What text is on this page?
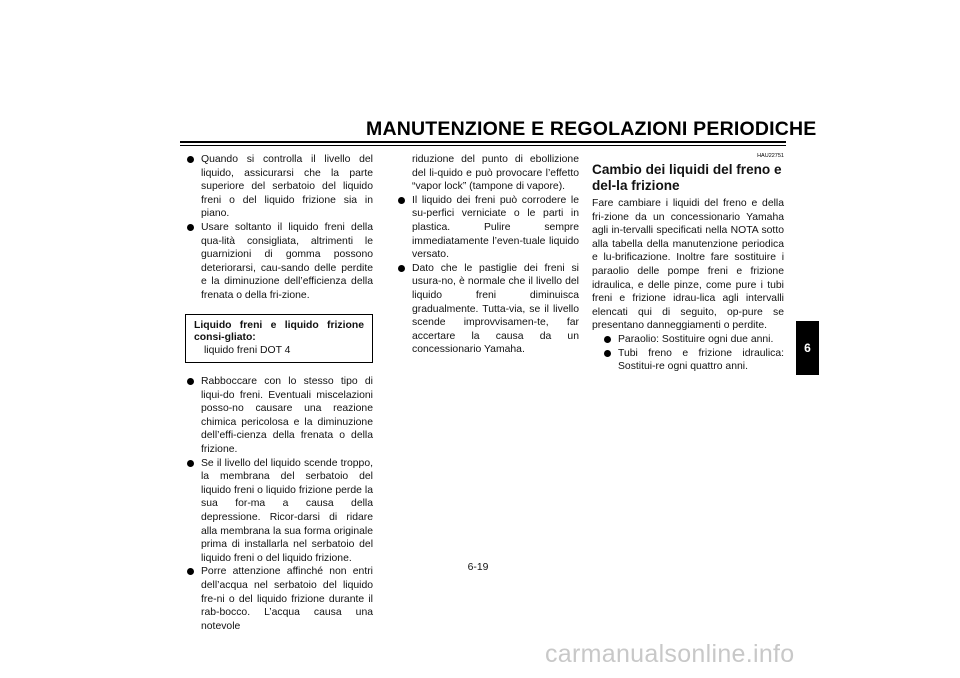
MANUTENZIONE E REGOLAZIONI PERIODICHE
Quando si controlla il livello del liquido, assicurarsi che la parte superiore del serbatoio del liquido freni o del liquido frizione sia in piano.
Usare soltanto il liquido freni della qua-lità consigliata, altrimenti le guarnizioni di gomma possono deteriorarsi, cau-sando delle perdite e la diminuzione dell’efficienza della frenata o della fri-zione.
Liquido freni e liquido frizione consi-gliato:
liquido freni DOT 4
Rabboccare con lo stesso tipo di liqui-do freni. Eventuali miscelazioni posso-no causare una reazione chimica pericolosa e la diminuzione dell’effi-cienza della frenata o della frizione.
Se il livello del liquido scende troppo, la membrana del serbatoio del liquido freni o liquido frizione perde la sua for-ma a causa della depressione. Ricor-darsi di ridare alla membrana la sua forma originale prima di installarla nel serbatoio del liquido freni o del liquido frizione.
Porre attenzione affinché non entri dell’acqua nel serbatoio del liquido fre-ni o del liquido frizione durante il rab-bocco. L’acqua causa una notevole
riduzione del punto di ebollizione del li-quido e può provocare l’effetto “vapor lock” (tampone di vapore).
Il liquido dei freni può corrodere le su-perfici verniciate o le parti in plastica. Pulire sempre immediatamente l’even-tuale liquido versato.
Dato che le pastiglie dei freni si usura-no, è normale che il livello del liquido freni diminuisca gradualmente. Tutta-via, se il livello scende improvvisamen-te, far accertare la causa da un concessionario Yamaha.
HAU22751
Cambio dei liquidi del freno e del-la frizione

Fare cambiare i liquidi del freno e della fri-zione da un concessionario Yamaha agli in-tervalli specificati nella NOTA sotto alla tabella della manutenzione periodica e lu-brificazione. Inoltre fare sostituire i paraolio delle pompe freni e frizione idraulica, e delle pinze, come pure i tubi freni e frizione idrau-lica agli intervalli elencati qui di seguito, op-pure se presentano danneggiamenti o perdite.

Paraolio: Sostituire ogni due anni.
Tubi freno e frizione idraulica: Sostitui-re ogni quattro anni.
6
6-19
carmanualsonline.info
